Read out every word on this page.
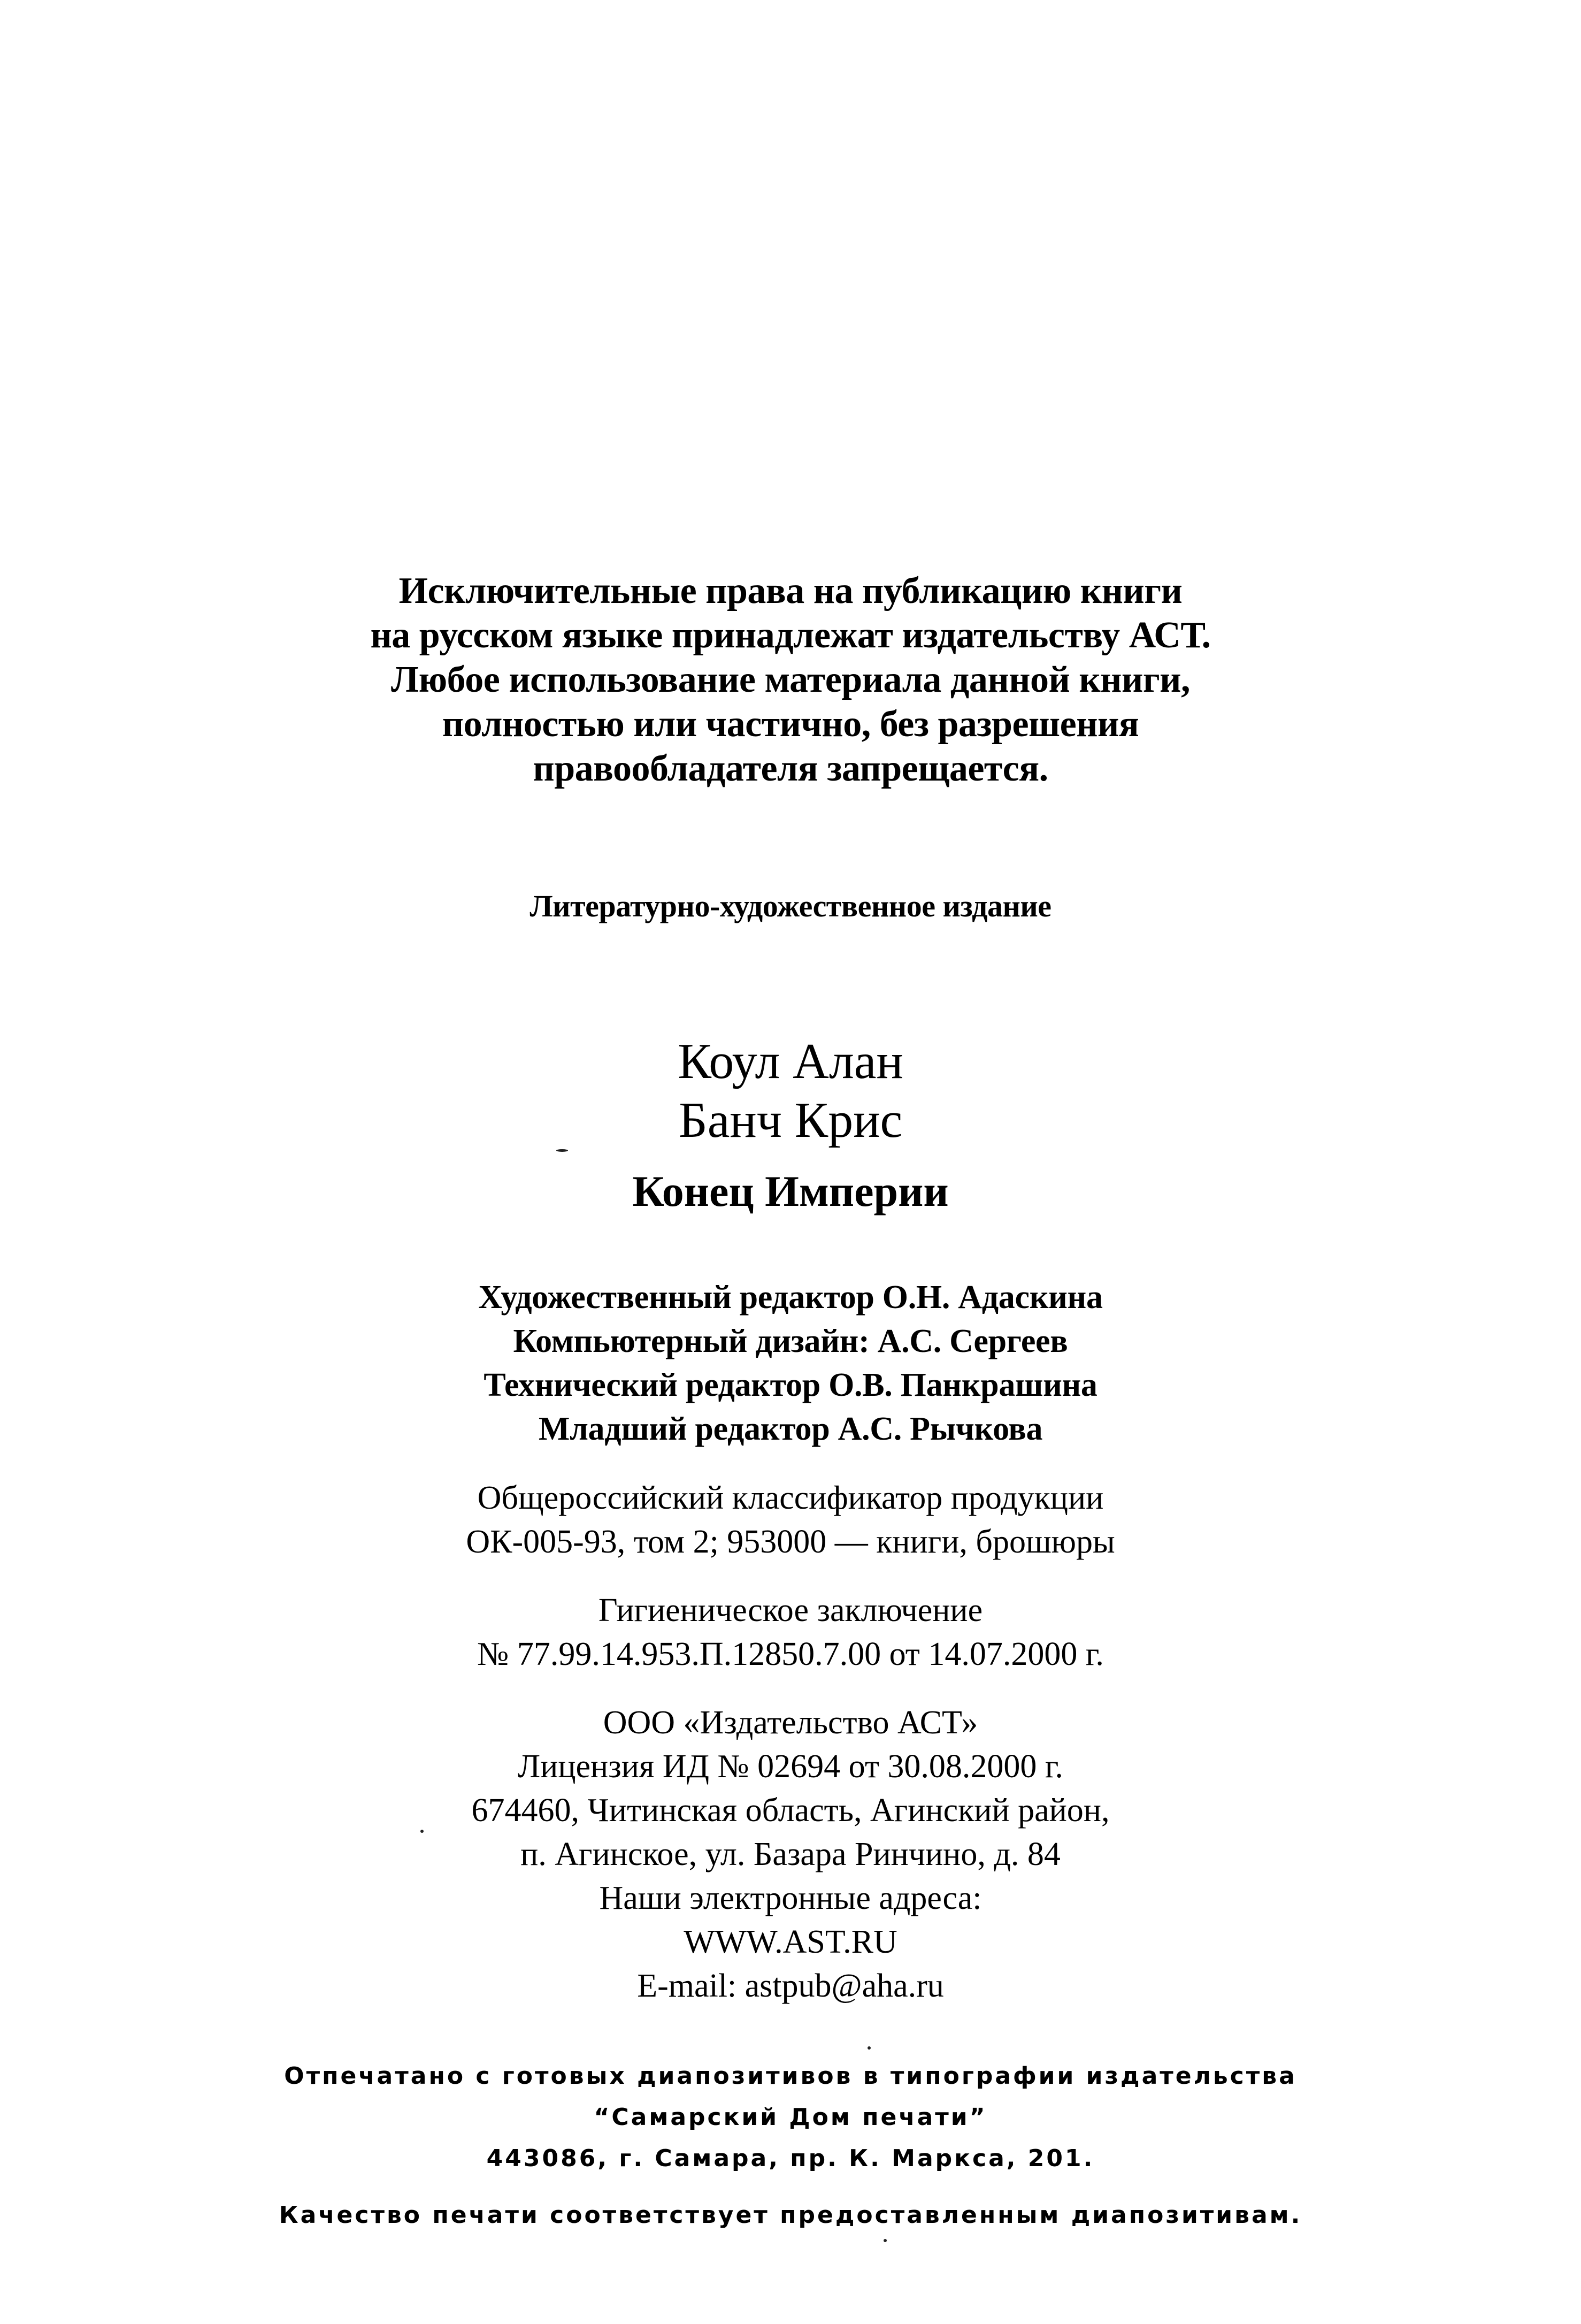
Исключительные права на публикацию книги
на русском языке принадлежат издательству АСТ.
Любое использование материала данной книги,
полностью или частично, без разрешения
правообладателя запрещается.
Литературно-художественное издание
Коул Алан
Банч Крис
Конец Империи
Художественный редактор О.Н. Адаскина
Компьютерный дизайн: А.С. Сергеев
Технический редактор О.В. Панкрашина
Младший редактор А.С. Рычкова
Общероссийский классификатор продукции
ОК-005-93, том 2; 953000 — книги, брошюры
Гигиеническое заключение
№ 77.99.14.953.П.12850.7.00 от 14.07.2000 г.
ООО «Издательство АСТ»
Лицензия ИД № 02694 от 30.08.2000 г.
674460, Читинская область, Агинский район,
п. Агинское, ул. Базара Ринчино, д. 84
Наши электронные адреса:
WWW.AST.RU
E-mail: astpub@aha.ru
Отпечатано с готовых диапозитивов в типографии издательства
“Самарский Дом печати”
443086, г. Самара, пр. К. Маркса, 201.
Качество печати соответствует предоставленным диапозитивам.
